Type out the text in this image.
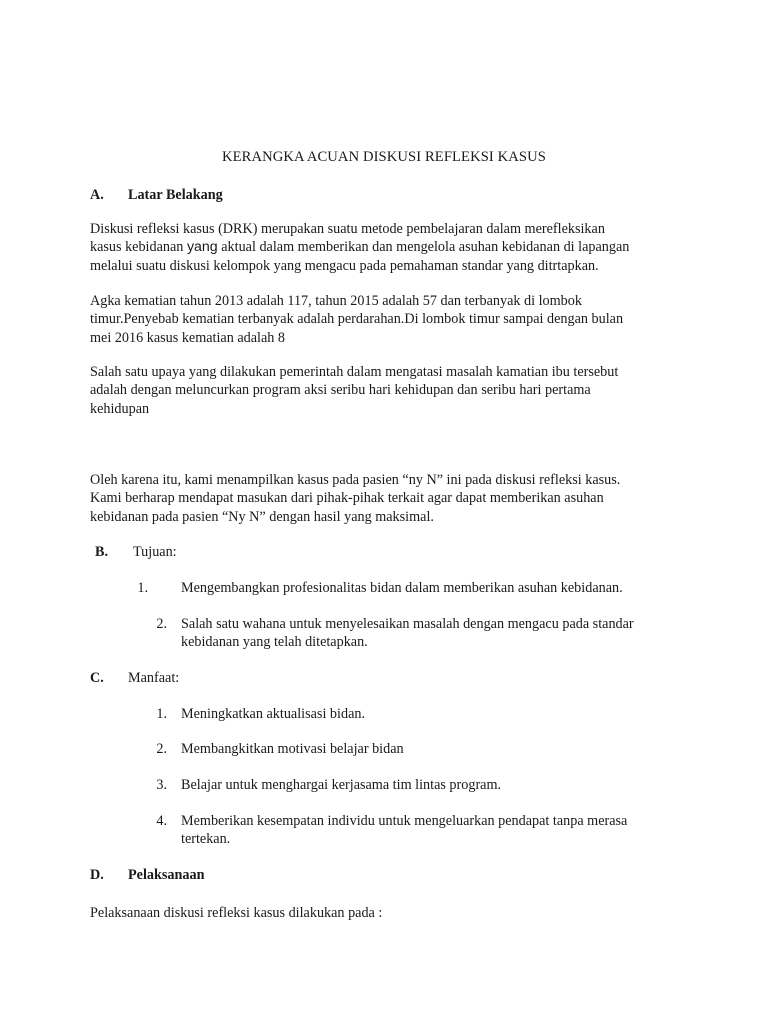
KERANGKA ACUAN DISKUSI REFLEKSI KASUS
A. Latar Belakang
Diskusi refleksi kasus (DRK) merupakan suatu metode pembelajaran dalam merefleksikan
kasus kebidanan yang aktual dalam memberikan dan mengelola asuhan kebidanan di lapangan
melalui suatu diskusi kelompok yang mengacu pada pemahaman standar yang ditrtapkan.
Agka kematian tahun 2013 adalah 117, tahun 2015 adalah 57 dan terbanyak di lombok
timur.Penyebab kematian terbanyak adalah perdarahan.Di lombok timur sampai dengan bulan
mei 2016 kasus kematian adalah 8
Salah satu upaya yang dilakukan pemerintah dalam mengatasi masalah kamatian ibu tersebut
adalah dengan meluncurkan program aksi seribu hari kehidupan dan seribu hari pertama
kehidupan
Oleh karena itu, kami menampilkan kasus pada pasien “ny N” ini pada diskusi refleksi kasus.
Kami berharap mendapat masukan dari pihak-pihak terkait agar dapat memberikan asuhan
kebidanan pada pasien “Ny N” dengan hasil yang maksimal.
B. Tujuan:
1. Mengembangkan profesionalitas bidan dalam memberikan asuhan kebidanan.
2. Salah satu wahana untuk menyelesaikan masalah dengan mengacu pada standar
kebidanan yang telah ditetapkan.
C. Manfaat:
1. Meningkatkan aktualisasi bidan.
2. Membangkitkan motivasi belajar bidan
3. Belajar untuk menghargai kerjasama tim lintas program.
4. Memberikan kesempatan individu untuk mengeluarkan pendapat tanpa merasa
tertekan.
D. Pelaksanaan
Pelaksanaan diskusi refleksi kasus dilakukan pada :
